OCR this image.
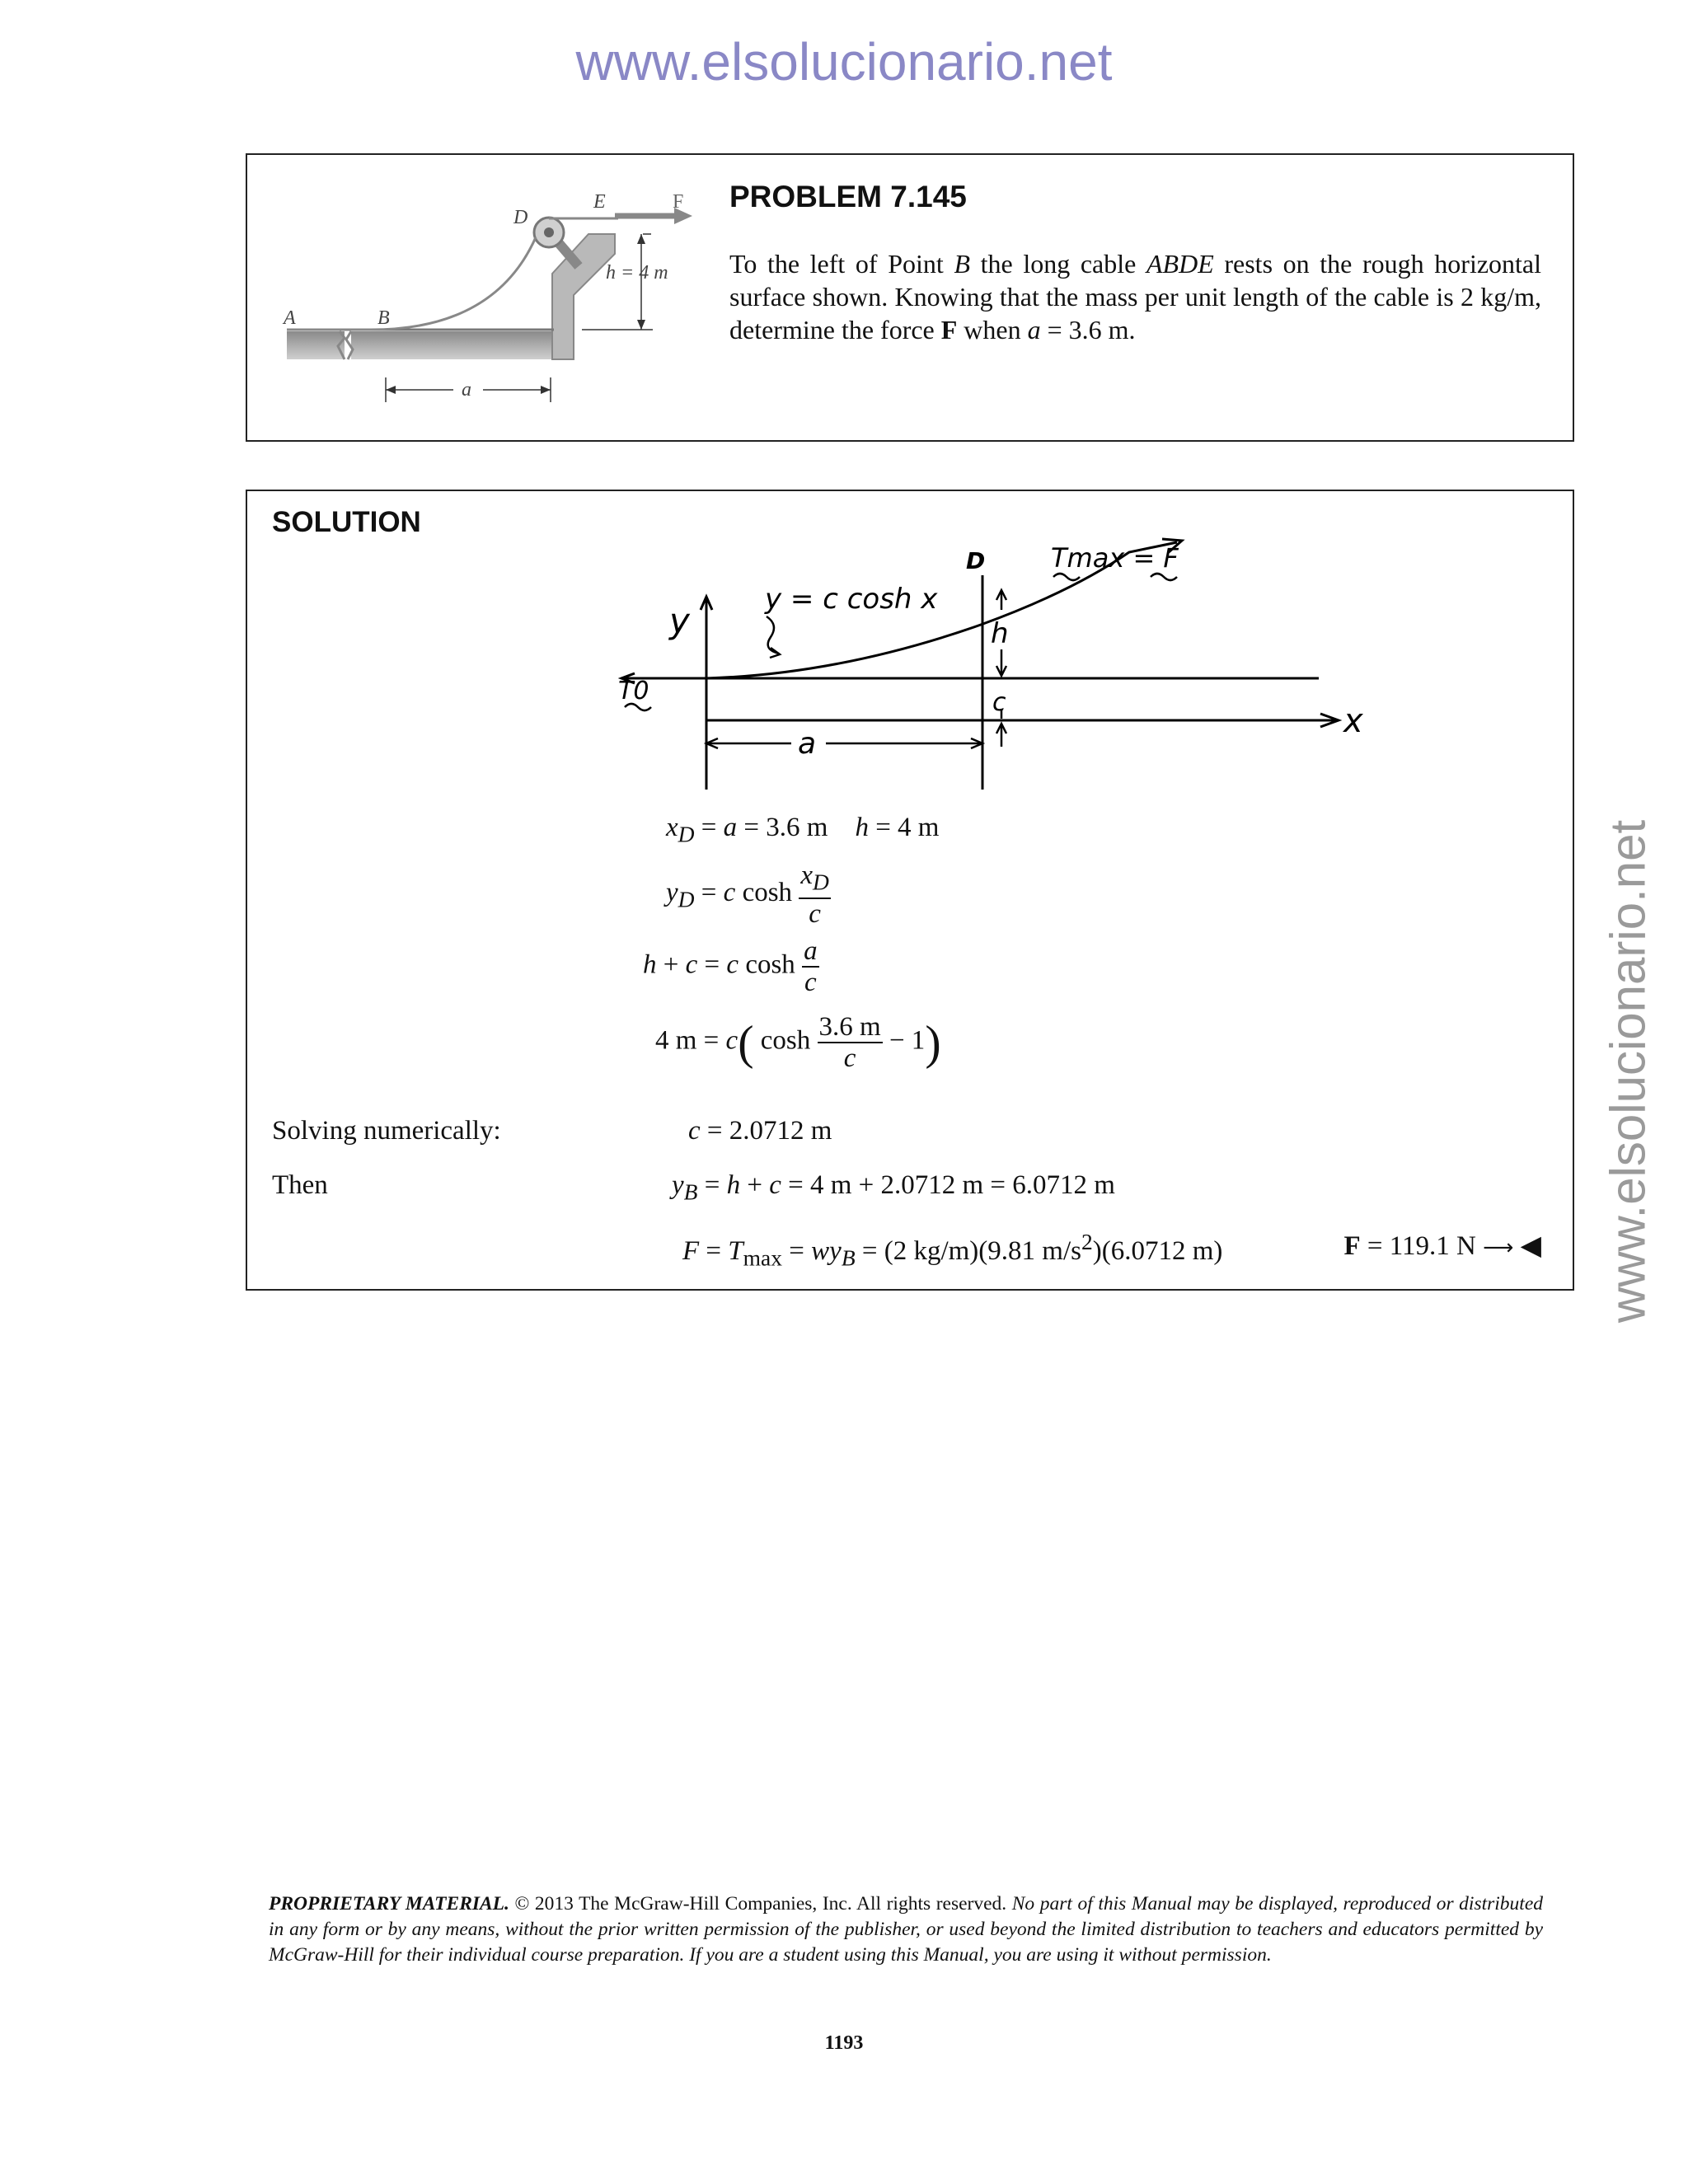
www.elsolucionario.net
www.elsolucionario.net
A	B
D
E	F
h = 4 m
a
PROBLEM 7.145
To the left of Point B the long cable ABDE rests on the rough horizontal surface shown. Knowing that the mass per unit length of the cable is 2 kg/m, determine the force F when a = 3.6 m.
SOLUTION
y
y = c cosh x
D Tmax = F
h
c	x
T0
a
$x_D = a = 3.6$ m    h = 4 m
$y_D = c$ $\cosh \frac{x_D}{c}$
h + c = c $\cosh \frac{a}{c}$
4 m = c( $\cosh \frac{3.6 m}{c} - 1$)
Solving numerically:	c = 2.0712 m
Then	$y_B = h + c = 4$ m + 2.0712 m = 6.0712 m
$F = T_{max} = wy_B = (2$ kg/m)(9.81 $m/s^2)(6.0712$ m)	F = 119.1 N ⟶ ◀
PROPRIETARY MATERIAL. © 2013 The McGraw-Hill Companies, Inc. All rights reserved. No part of this Manual may be displayed, reproduced or distributed in any form or by any means, without the prior written permission of the publisher, or used beyond the limited distribution to teachers and educators permitted by McGraw-Hill for their individual course preparation. If you are a student using this Manual, you are using it without permission.
1193
